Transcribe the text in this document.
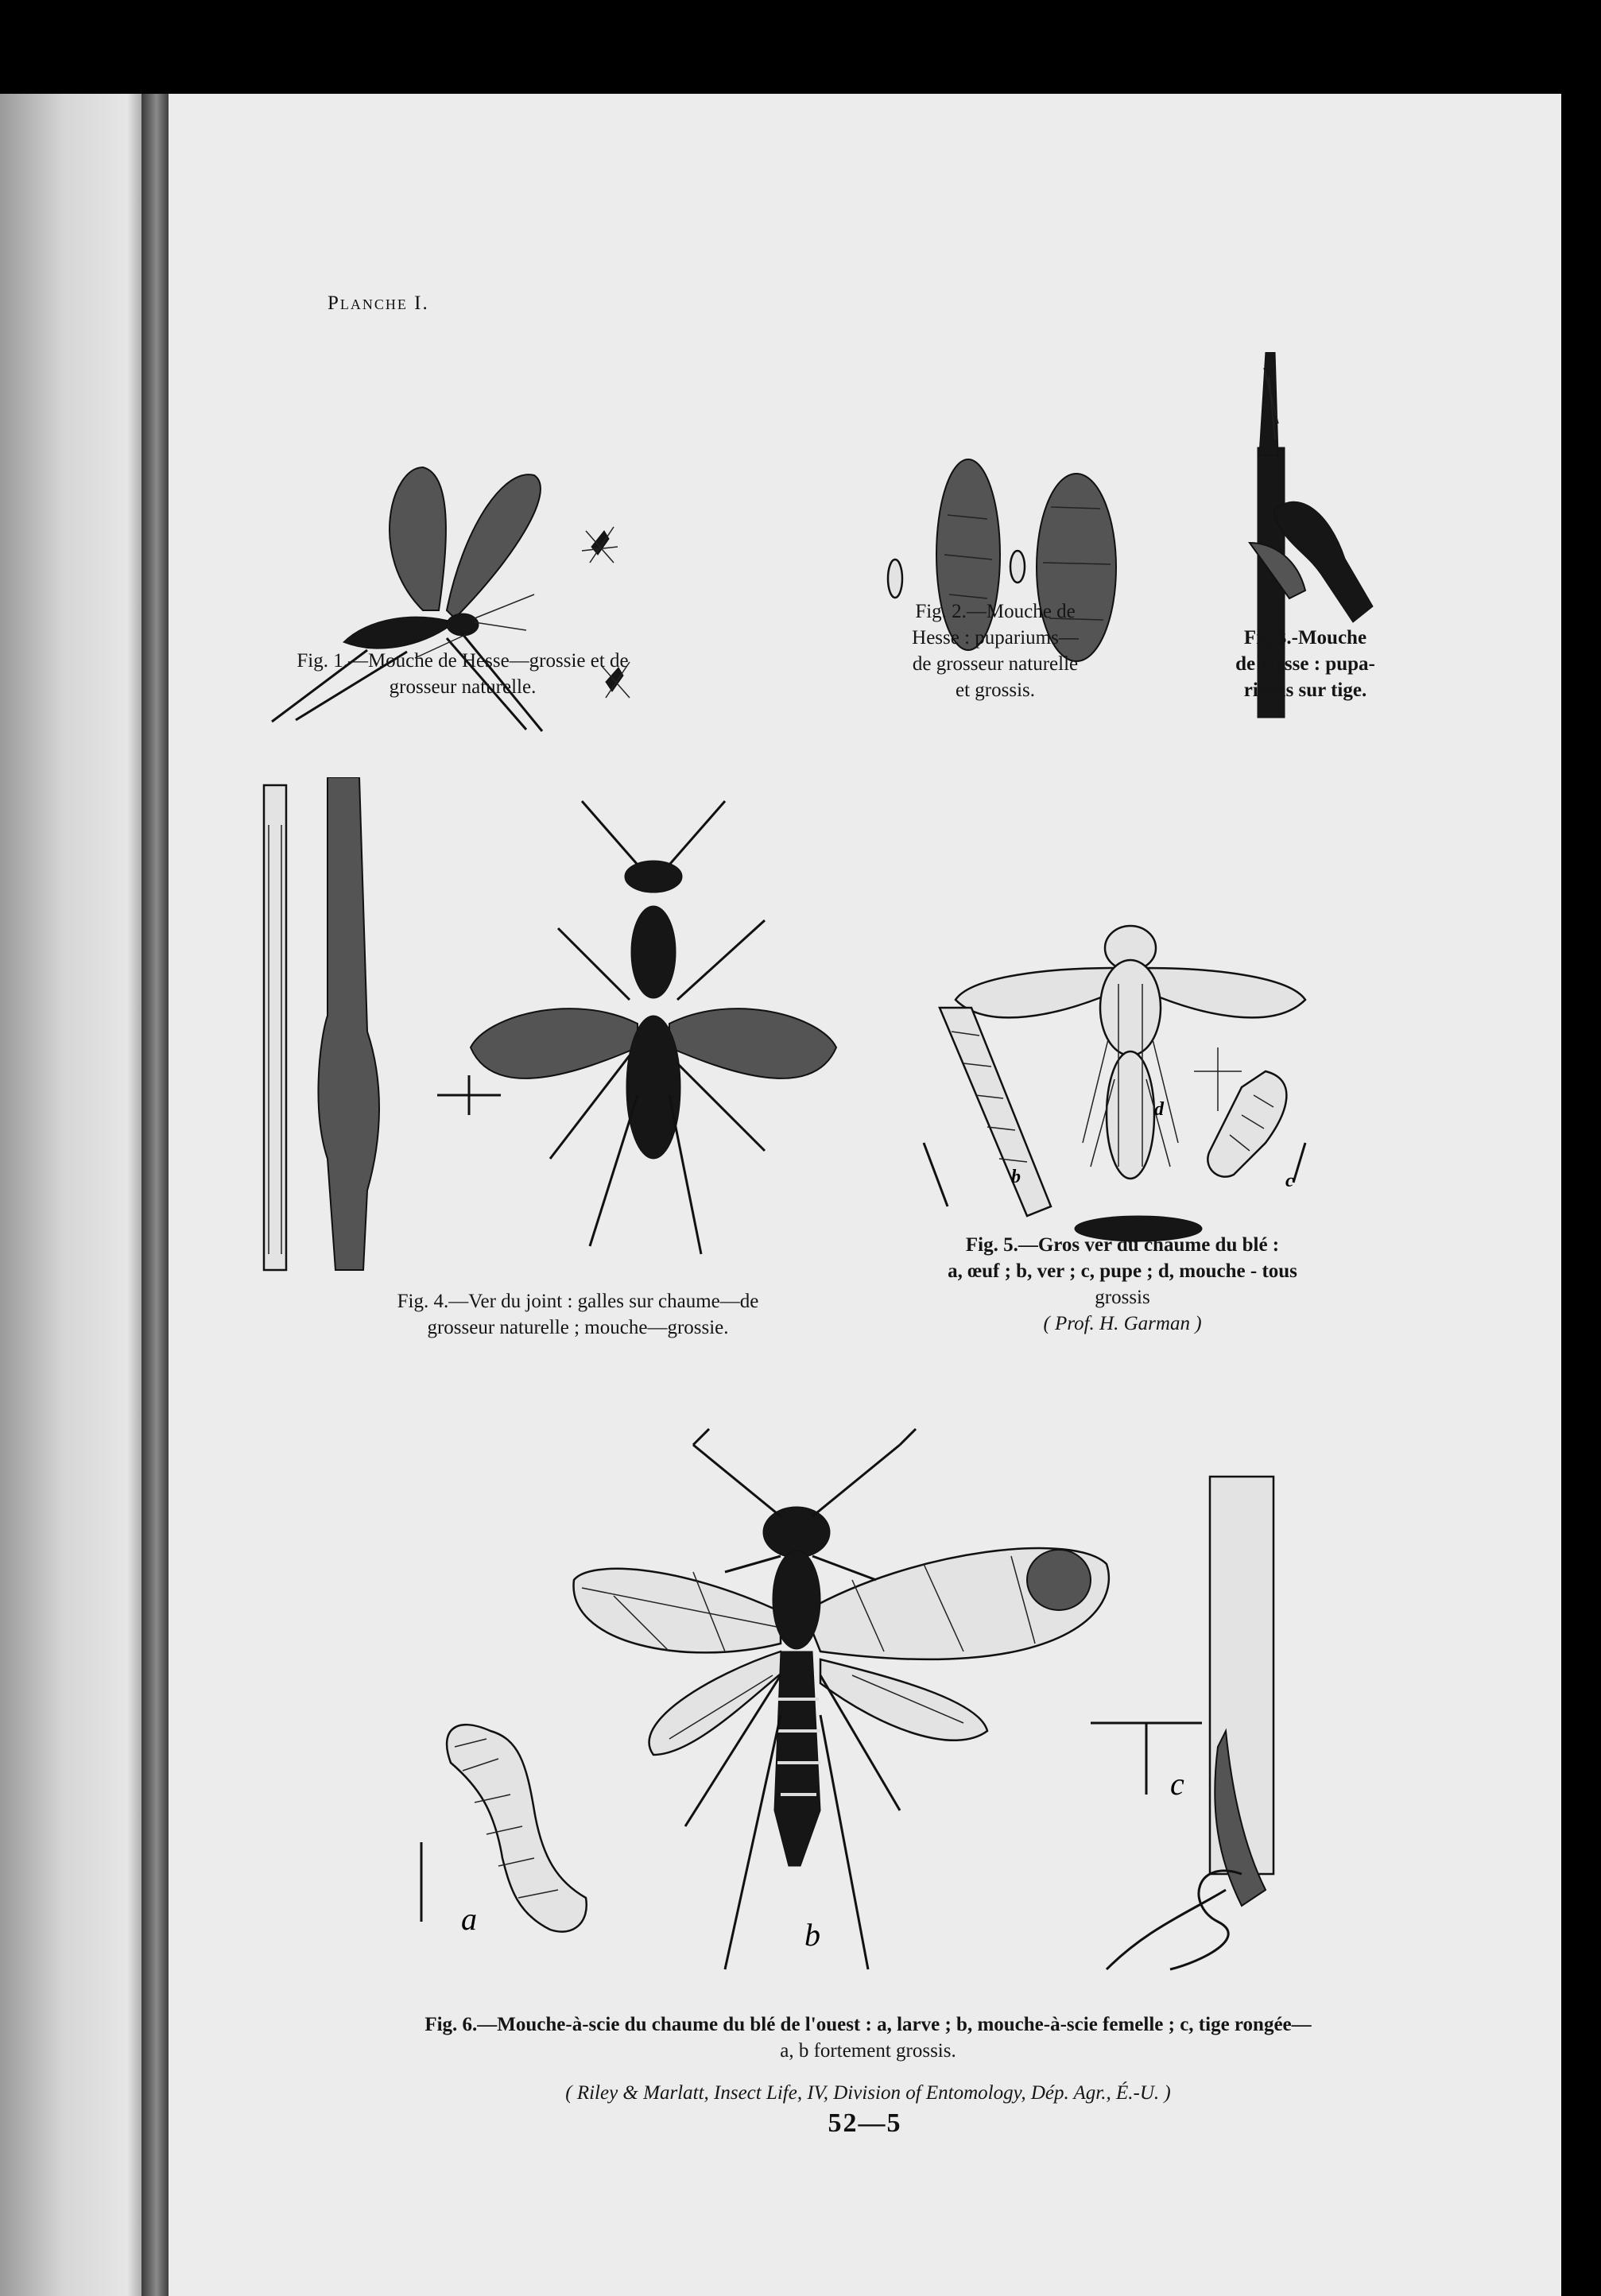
Planche I.
Fig. 1.—Mouche de Hesse—grossie et de
grosseur naturelle.
Fig. 2.—Mouche de
Hesse : pupariums—
de grosseur naturelle
et grossis.
Fig 3.-Mouche
de Hesse : pupa-
riums sur tige.
Fig. 4.—Ver du joint : galles sur chaume—de
grosseur naturelle ; mouche—grossie.
b
d
c
Fig. 5.—Gros ver du chaume du blé :
a, œuf ; b, ver ; c, pupe ; d, mouche - tous
grossis
( Prof. H. Garman )
a	b
c
Fig. 6.—Mouche-à-scie du chaume du blé de l'ouest : a, larve ; b, mouche-à-scie femelle ; c, tige rongée—
a, b fortement grossis.
( Riley & Marlatt, Insect Life, IV, Division of Entomology, Dép. Agr., É.-U. )
52—5
